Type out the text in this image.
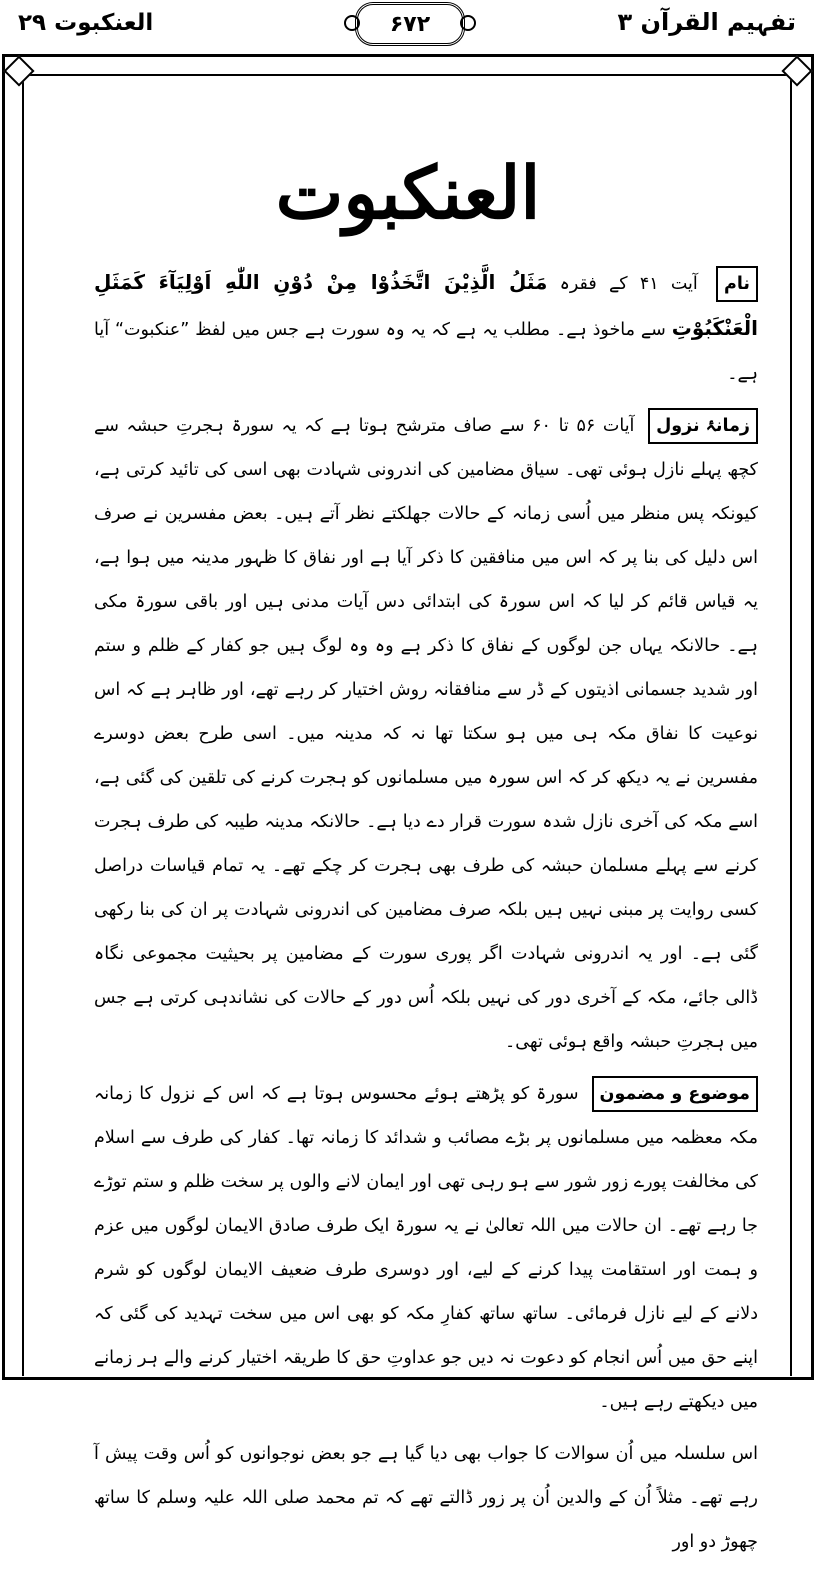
تفہیم القرآن ۳
۶۷۲
العنکبوت ۲۹
العنکبوت

نام آیت ۴۱ کے فقرہ مَثَلُ الَّذِيْنَ اتَّخَذُوْا مِنْ دُوْنِ اللّٰهِ اَوْلِيَآءَ كَمَثَلِ الْعَنْكَبُوْتِ سے ماخوذ ہے۔ مطلب یہ ہے کہ یہ وہ سورت ہے جس میں لفظ ”عنکبوت“ آیا ہے۔

زمانۂ نزول آیات ۵۶ تا ۶۰ سے صاف مترشح ہوتا ہے کہ یہ سورۃ ہجرتِ حبشہ سے کچھ پہلے نازل ہوئی تھی۔ سیاق مضامین کی اندرونی شہادت بھی اسی کی تائید کرتی ہے، کیونکہ پس منظر میں اُسی زمانہ کے حالات جھلکتے نظر آتے ہیں۔ بعض مفسرین نے صرف اس دلیل کی بنا پر کہ اس میں منافقین کا ذکر آیا ہے اور نفاق کا ظہور مدینہ میں ہوا ہے، یہ قیاس قائم کر لیا کہ اس سورۃ کی ابتدائی دس آیات مدنی ہیں اور باقی سورۃ مکی ہے۔ حالانکہ یہاں جن لوگوں کے نفاق کا ذکر ہے وہ وہ لوگ ہیں جو کفار کے ظلم و ستم اور شدید جسمانی اذیتوں کے ڈر سے منافقانہ روش اختیار کر رہے تھے، اور ظاہر ہے کہ اس نوعیت کا نفاق مکہ ہی میں ہو سکتا تھا نہ کہ مدینہ میں۔ اسی طرح بعض دوسرے مفسرین نے یہ دیکھ کر کہ اس سورہ میں مسلمانوں کو ہجرت کرنے کی تلقین کی گئی ہے، اسے مکہ کی آخری نازل شدہ سورت قرار دے دیا ہے۔ حالانکہ مدینہ طیبہ کی طرف ہجرت کرنے سے پہلے مسلمان حبشہ کی طرف بھی ہجرت کر چکے تھے۔ یہ تمام قیاسات دراصل کسی روایت پر مبنی نہیں ہیں بلکہ صرف مضامین کی اندرونی شہادت پر ان کی بنا رکھی گئی ہے۔ اور یہ اندرونی شہادت اگر پوری سورت کے مضامین پر بحیثیت مجموعی نگاہ ڈالی جائے، مکہ کے آخری دور کی نہیں بلکہ اُس دور کے حالات کی نشاندہی کرتی ہے جس میں ہجرتِ حبشہ واقع ہوئی تھی۔

موضوع و مضمون سورۃ کو پڑھتے ہوئے محسوس ہوتا ہے کہ اس کے نزول کا زمانہ مکہ معظمہ میں مسلمانوں پر بڑے مصائب و شدائد کا زمانہ تھا۔ کفار کی طرف سے اسلام کی مخالفت پورے زور شور سے ہو رہی تھی اور ایمان لانے والوں پر سخت ظلم و ستم توڑے جا رہے تھے۔ ان حالات میں اللہ تعالیٰ نے یہ سورۃ ایک طرف صادق الایمان لوگوں میں عزم و ہمت اور استقامت پیدا کرنے کے لیے، اور دوسری طرف ضعیف الایمان لوگوں کو شرم دلانے کے لیے نازل فرمائی۔ ساتھ ساتھ کفارِ مکہ کو بھی اس میں سخت تہدید کی گئی کہ اپنے حق میں اُس انجام کو دعوت نہ دیں جو عداوتِ حق کا طریقہ اختیار کرنے والے ہر زمانے میں دیکھتے رہے ہیں۔

اس سلسلہ میں اُن سوالات کا جواب بھی دیا گیا ہے جو بعض نوجوانوں کو اُس وقت پیش آ رہے تھے۔ مثلاً اُن کے والدین اُن پر زور ڈالتے تھے کہ تم محمد صلی اللہ علیہ وسلم کا ساتھ چھوڑ دو اور
